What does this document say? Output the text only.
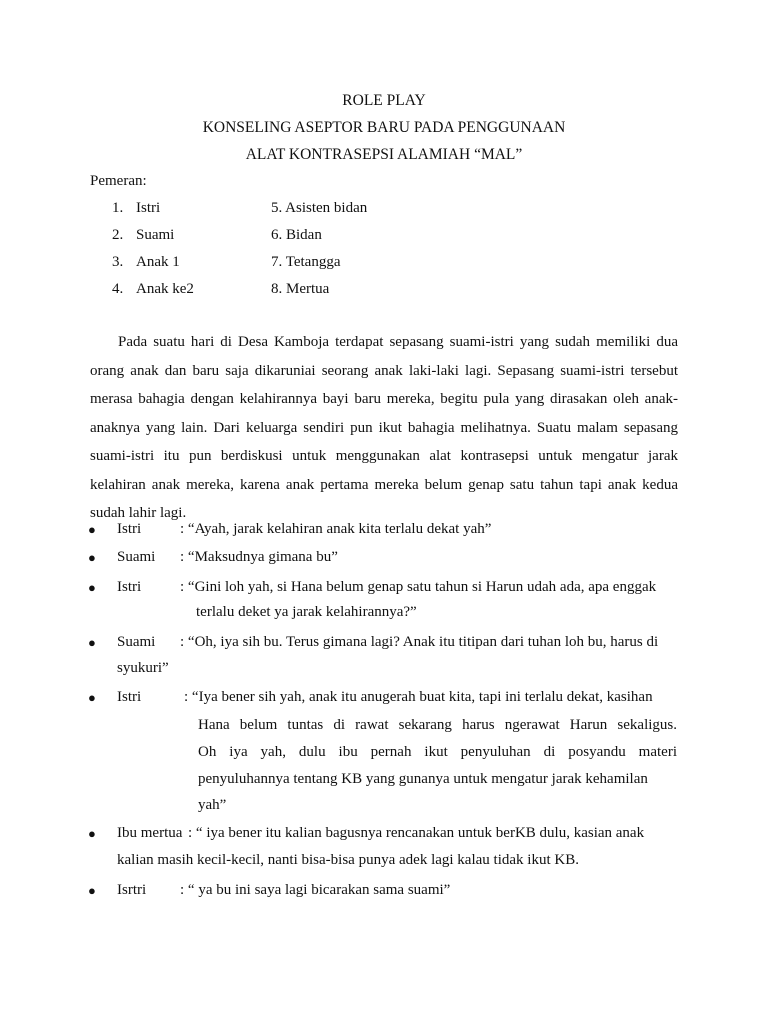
ROLE PLAY
KONSELING ASEPTOR BARU PADA PENGGUNAAN
ALAT KONTRASEPSI ALAMIAH “MAL”
Pemeran:
1. Istri	5. Asisten bidan
2. Suami	6. Bidan
3. Anak 1	7. Tetangga
4. Anak ke2	8. Mertua

Pada suatu hari di Desa Kamboja terdapat sepasang suami-istri yang sudah memiliki dua orang anak dan baru saja dikaruniai seorang anak laki-laki lagi. Sepasang suami-istri tersebut merasa bahagia dengan kelahirannya bayi baru mereka, begitu pula yang dirasakan oleh anak-anaknya yang lain. Dari keluarga sendiri pun ikut bahagia melihatnya. Suatu malam sepasang suami-istri itu pun berdiskusi untuk menggunakan alat kontrasepsi untuk mengatur jarak kelahiran anak mereka, karena anak pertama mereka belum genap satu tahun tapi anak kedua sudah lahir lagi.

● Istri	: “Ayah, jarak kelahiran anak kita terlalu dekat yah”
● Suami : “Maksudnya gimana bu”
● Istri	: “Gini loh yah, si Hana belum genap satu tahun si Harun udah ada, apa enggak
terlalu deket ya jarak kelahirannya?”
● Suami : “Oh, iya sih bu. Terus gimana lagi? Anak itu titipan dari tuhan loh bu, harus di
syukuri”
● Istri	: “Iya bener sih yah, anak itu anugerah buat kita, tapi ini terlalu dekat, kasihan
Hana belum tuntas di rawat sekarang harus ngerawat Harun sekaligus.
Oh iya yah, dulu ibu pernah ikut penyuluhan di posyandu materi
penyuluhannya tentang KB yang gunanya untuk mengatur jarak kehamilan
yah”
● Ibu mertua : “ iya bener itu kalian bagusnya rencanakan untuk berKB dulu, kasian anak
kalian masih kecil-kecil, nanti bisa-bisa punya adek lagi kalau tidak ikut KB.
● Isrtri : “ ya bu ini saya lagi bicarakan sama suami”
